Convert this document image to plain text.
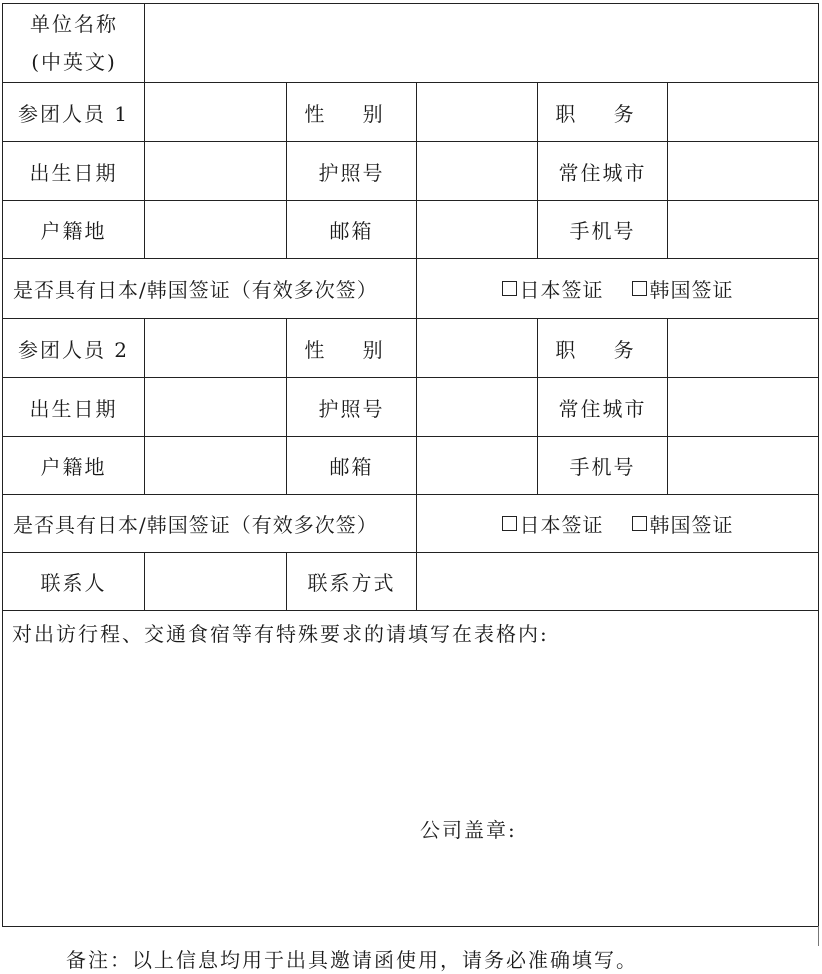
单位名称
(中英文)
参团人员 1	性 别	职 务
出生日期	护照号	常住城市
户籍地	邮箱	手机号
是否具有日本/韩国签证（有效多次签）	日本签证 韩国签证
参团人员 2	性 别	职 务
出生日期	护照号	常住城市
户籍地	邮箱	手机号
是否具有日本/韩国签证（有效多次签）	日本签证 韩国签证
联系人	联系方式
对出访行程、交通食宿等有特殊要求的请填写在表格内:
公司盖章:
备注：以上信息均用于出具邀请函使用，请务必准确填写。
